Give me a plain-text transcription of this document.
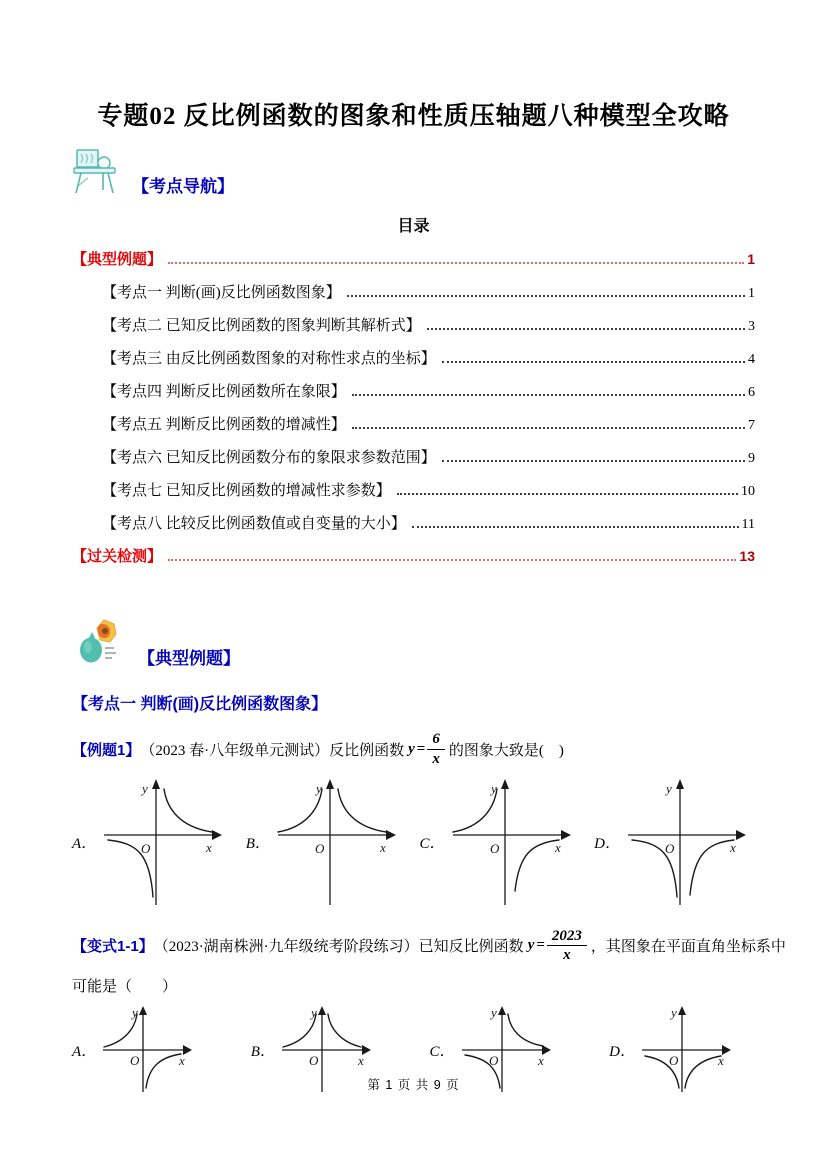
专题02 反比例函数的图象和性质压轴题八种模型全攻略
【考点导航】
目录
【典型例题】	1
【考点一 判断(画)反比例函数图象】	1
【考点二 已知反比例函数的图象判断其解析式】	3
【考点三 由反比例函数图象的对称性求点的坐标】	4
【考点四 判断反比例函数所在象限】	6
【考点五 判断反比例函数的增减性】	7
【考点六 已知反比例函数分布的象限求参数范围】	9
【考点七 已知反比例函数的增减性求参数】	10
【考点八 比较反比例函数值或自变量的大小】	11
【过关检测】	13
【典型例题】
【考点一 判断(画)反比例函数图象】
【例题1】 （2023 春·八年级单元测试）反比例函数 $y = \frac{6}{x}$ 的图象大致是(　)
A．
y
x
O	B．
y
x
O	C．
y
x
O	D．
y
x
O
【变式1-1】 （2023·湖南株洲·九年级统考阶段练习）已知反比例函数 $y = \frac{2023}{x}$ ，其图象在平面直角坐标系中
可能是（　　）
A．
y
x
O
B．
y
x
O
C．
y
x
O
D．
y
x
O
第 1 页 共 9 页
